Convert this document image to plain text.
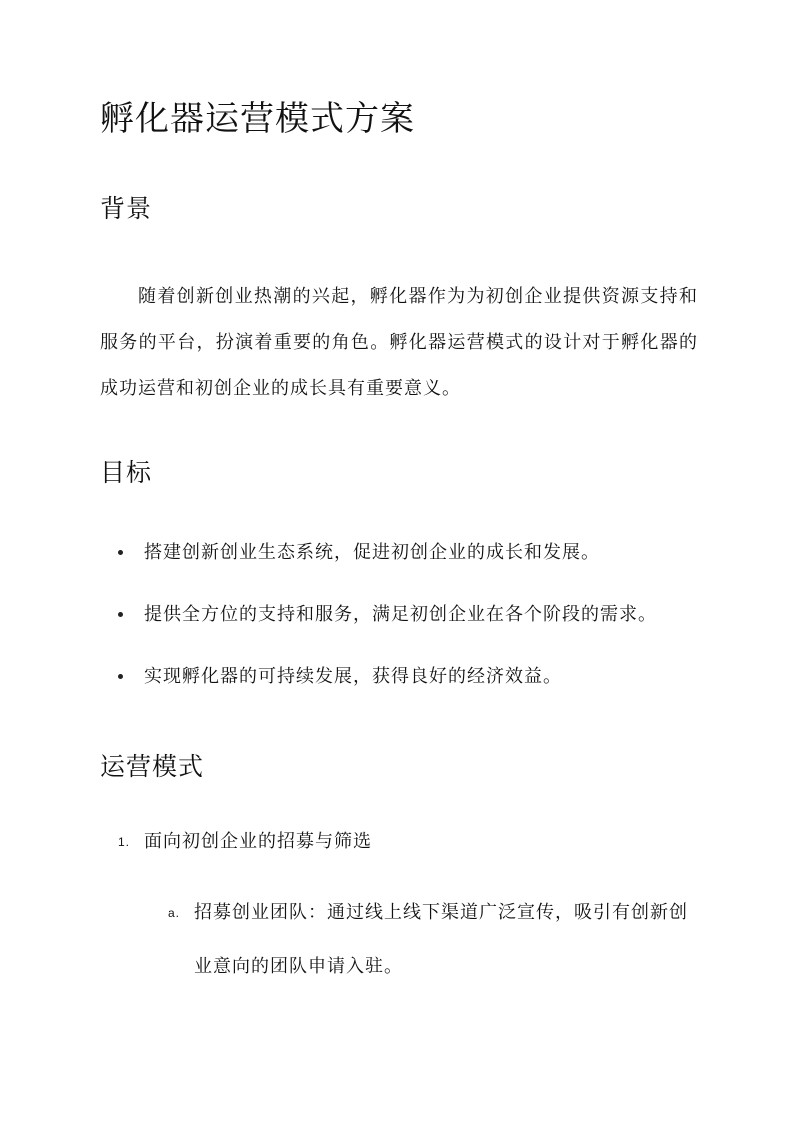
孵化器运营模式方案
背景

随着创新创业热潮的兴起，孵化器作为为初创企业提供资源支持和服务的平台，扮演着重要的角色。孵化器运营模式的设计对于孵化器的成功运营和初创企业的成长具有重要意义。

目标
搭建创新创业生态系统，促进初创企业的成长和发展。
提供全方位的支持和服务，满足初创企业在各个阶段的需求。
实现孵化器的可持续发展，获得良好的经济效益。
运营模式
1. 面向初创企业的招募与筛选
a. 招募创业团队：通过线上线下渠道广泛宣传，吸引有创新创业意向的团队申请入驻。
